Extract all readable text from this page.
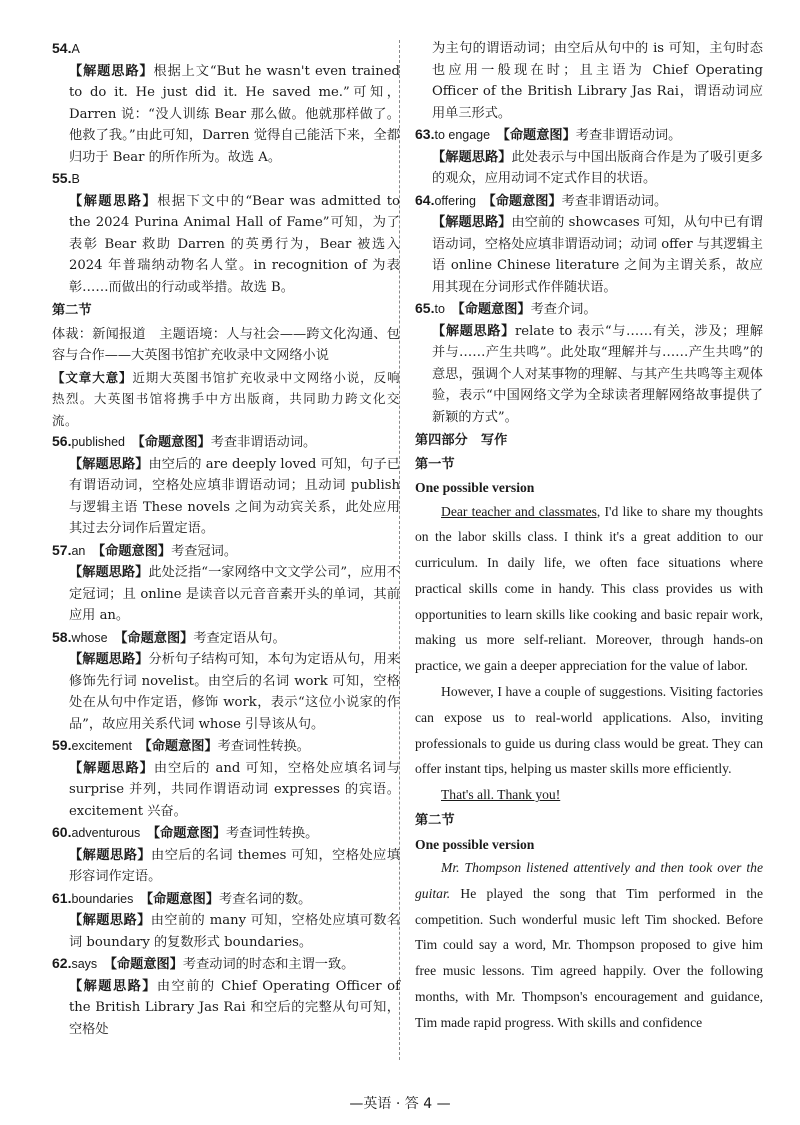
54.A

【解题思路】根据上文“But he wasn't even trained to do it. He just did it. He saved me.”可知，Darren 说：“没人训练 Bear 那么做。他就那样做了。他救了我。”由此可知，Darren 觉得自己能活下来，全都归功于 Bear 的所作所为。故选 A。

55.B

【解题思路】根据下文中的“Bear was admitted to the 2024 Purina Animal Hall of Fame”可知，为了表彰 Bear 救助 Darren 的英勇行为，Bear 被选入 2024 年普瑞纳动物名人堂。in recognition of 为表彰……而做出的行动或举措。故选 B。

第二节

体裁：新闻报道　主题语境：人与社会——跨文化沟通、包容与合作——大英图书馆扩充收录中文网络小说

【文章大意】近期大英图书馆扩充收录中文网络小说，反响热烈。大英图书馆将携手中方出版商，共同助力跨文化交流。

56.published　 【命题意图】考查非谓语动词。

【解题思路】由空后的 are deeply loved 可知，句子已有谓语动词，空格处应填非谓语动词；且动词 publish 与逻辑主语 These novels 之间为动宾关系，此处应用其过去分词作后置定语。

57.an　 【命题意图】考查冠词。

【解题思路】此处泛指“一家网络中文文学公司”，应用不定冠词；且 online 是读音以元音音素开头的单词，其前应用 an。

58.whose　 【命题意图】考查定语从句。

【解题思路】分析句子结构可知，本句为定语从句，用来修饰先行词 novelist。由空后的名词 work 可知，空格处在从句中作定语，修饰 work，表示“这位小说家的作品”，故应用关系代词 whose 引导该从句。

59.excitement　 【命题意图】考查词性转换。

【解题思路】由空后的 and 可知，空格处应填名词与 surprise 并列，共同作谓语动词 expresses 的宾语。excitement 兴奋。

60.adventurous　 【命题意图】考查词性转换。

【解题思路】由空后的名词 themes 可知，空格处应填形容词作定语。

61.boundaries　 【命题意图】考查名词的数。

【解题思路】由空前的 many 可知，空格处应填可数名词 boundary 的复数形式 boundaries。

62.says　 【命题意图】考查动词的时态和主谓一致。

【解题思路】由空前的 Chief Operating Officer of the British Library Jas Rai 和空后的完整从句可知，空格处

为主句的谓语动词；由空后从句中的 is 可知，主句时态也应用一般现在时；且主语为 Chief Operating Officer of the British Library Jas Rai，谓语动词应用单三形式。

63.to engage　 【命题意图】考查非谓语动词。

【解题思路】此处表示与中国出版商合作是为了吸引更多的观众，应用动词不定式作目的状语。

64.offering　 【命题意图】考查非谓语动词。

【解题思路】由空前的 showcases 可知，从句中已有谓语动词，空格处应填非谓语动词；动词 offer 与其逻辑主语 online Chinese literature 之间为主谓关系，故应用其现在分词形式作伴随状语。

65.to　 【命题意图】考查介词。

【解题思路】relate to 表示“与……有关，涉及；理解并与……产生共鸣”。此处取“理解并与……产生共鸣”的意思，强调个人对某事物的理解、与其产生共鸣等主观体验，表示“中国网络文学为全球读者理解网络故事提供了新颖的方式”。

第四部分　写作

第一节

One possible version

Dear teacher and classmates, I'd like to share my thoughts on the labor skills class. I think it's a great addition to our curriculum. In daily life, we often face situations where practical skills come in handy. This class provides us with opportunities to learn skills like cooking and basic repair work, making us more self-reliant. Moreover, through hands-on practice, we gain a deeper appreciation for the value of labor.

However, I have a couple of suggestions. Visiting factories can expose us to real-world applications. Also, inviting professionals to guide us during class would be great. They can offer instant tips, helping us master skills more efficiently.

That's all. Thank you!

第二节

One possible version

Mr. Thompson listened attentively and then took over the guitar. He played the song that Tim performed in the competition. Such wonderful music left Tim shocked. Before Tim could say a word, Mr. Thompson proposed to give him free music lessons. Tim agreed happily. Over the following months, with Mr. Thompson's encouragement and guidance, Tim made rapid progress. With skills and confidence

—英语 · 答 4 —
